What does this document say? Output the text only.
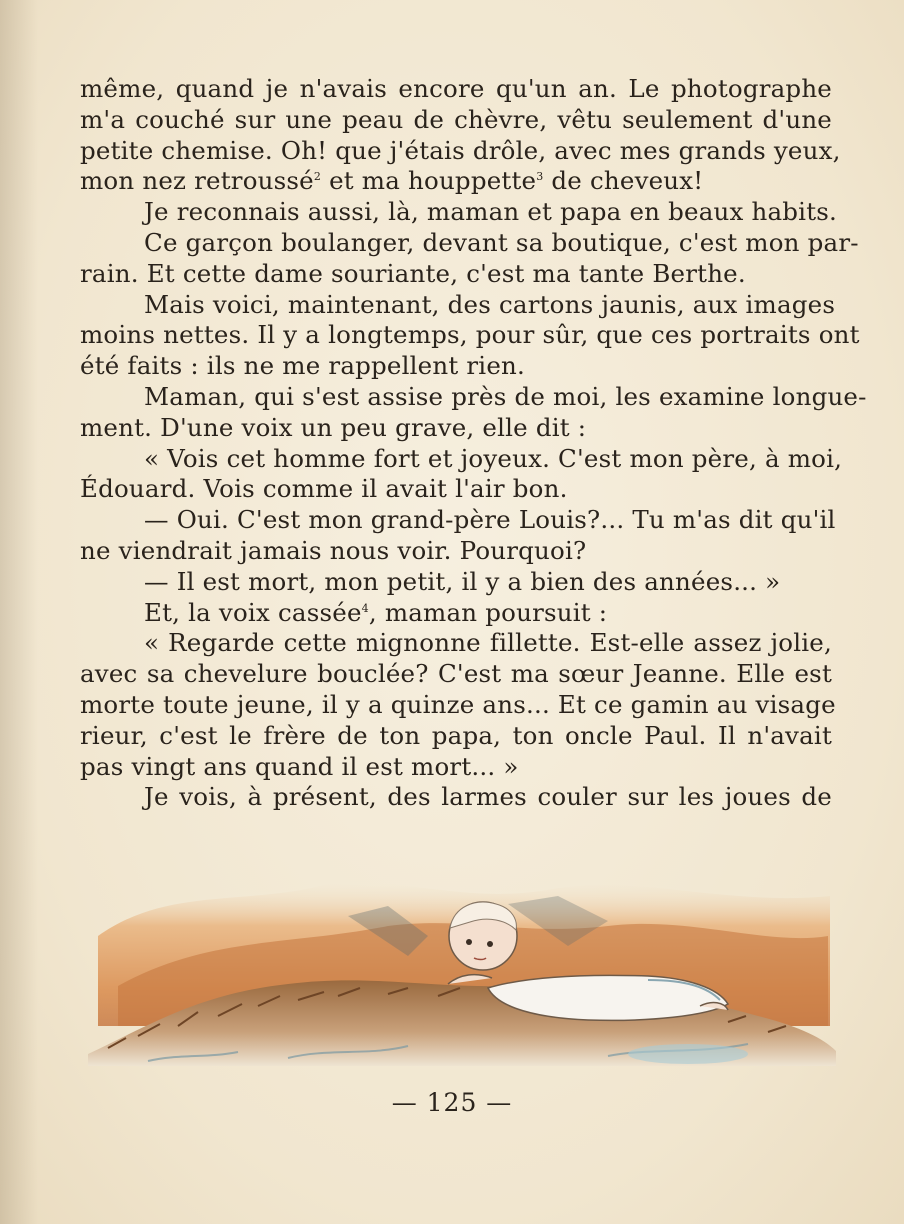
même, quand je n'avais encore qu'un an. Le photographe
m'a couché sur une peau de chèvre, vêtu seulement d'une
petite chemise. Oh! que j'étais drôle, avec mes grands yeux,
mon nez retroussé$^2$ et ma houppette$^3$ de cheveux!
Je reconnais aussi, là, maman et papa en beaux habits.
Ce garçon boulanger, devant sa boutique, c'est mon par-
rain. Et cette dame souriante, c'est ma tante Berthe.
Mais voici, maintenant, des cartons jaunis, aux images
moins nettes. Il y a longtemps, pour sûr, que ces portraits ont
été faits : ils ne me rappellent rien.
Maman, qui s'est assise près de moi, les examine longue-
ment. D'une voix un peu grave, elle dit :
« Vois cet homme fort et joyeux. C'est mon père, à moi,
Édouard. Vois comme il avait l'air bon.
— Oui. C'est mon grand-père Louis?... Tu m'as dit qu'il
ne viendrait jamais nous voir. Pourquoi?
— Il est mort, mon petit, il y a bien des années... »
Et, la voix cassée$^4$, maman poursuit :
« Regarde cette mignonne fillette. Est-elle assez jolie,
avec sa chevelure bouclée? C'est ma sœur Jeanne. Elle est
morte toute jeune, il y a quinze ans... Et ce gamin au visage
rieur, c'est le frère de ton papa, ton oncle Paul. Il n'avait
pas vingt ans quand il est mort... »
Je vois, à présent, des larmes couler sur les joues de
— 125 —
